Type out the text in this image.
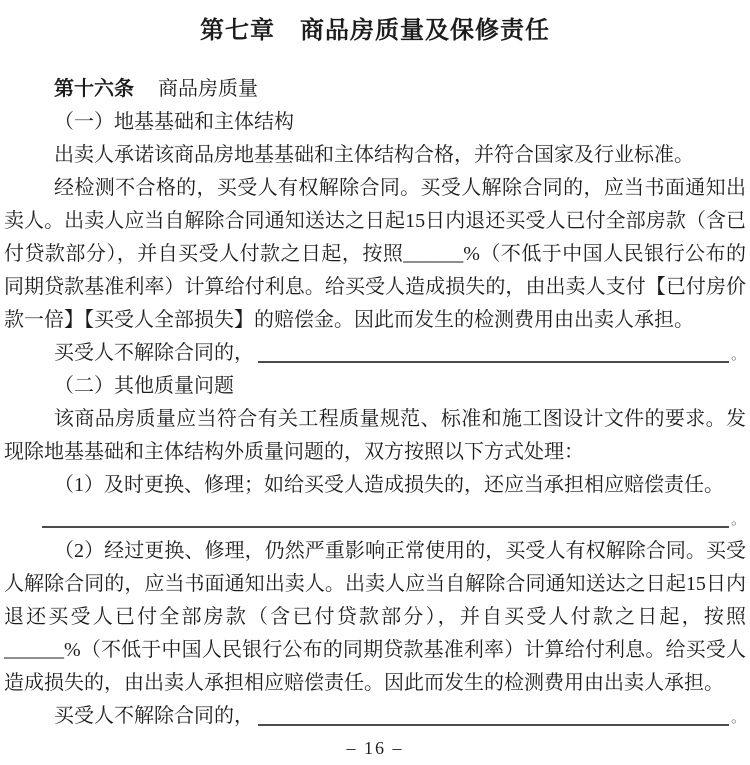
第七章　商品房质量及保修责任

第十六条 商品房质量

（一）地基基础和主体结构

出卖人承诺该商品房地基基础和主体结构合格，并符合国家及行业标准。

经检测不合格的，买受人有权解除合同。买受人解除合同的，应当书面通知出卖人。出卖人应当自解除合同通知送达之日起15日内退还买受人已付全部房款（含已付贷款部分），并自买受人付款之日起，按照______%（不低于中国人民银行公布的同期贷款基准利率）计算给付利息。给买受人造成损失的，由出卖人支付【已付房价款一倍】【买受人全部损失】的赔偿金。因此而发生的检测费用由出卖人承担。

买受人不解除合同的，	。

（二）其他质量问题

该商品房质量应当符合有关工程质量规范、标准和施工图设计文件的要求。发现除地基基础和主体结构外质量问题的，双方按照以下方式处理：

（1）及时更换、修理；如给买受人造成损失的，还应当承担相应赔偿责任。

。

（2）经过更换、修理，仍然严重影响正常使用的，买受人有权解除合同。买受人解除合同的，应当书面通知出卖人。出卖人应当自解除合同通知送达之日起15日内退还买受人已付全部房款（含已付贷款部分），并自买受人付款之日起，按照______%（不低于中国人民银行公布的同期贷款基准利率）计算给付利息。给买受人造成损失的，由出卖人承担相应赔偿责任。因此而发生的检测费用由出卖人承担。

买受人不解除合同的，	。
– 16 –
